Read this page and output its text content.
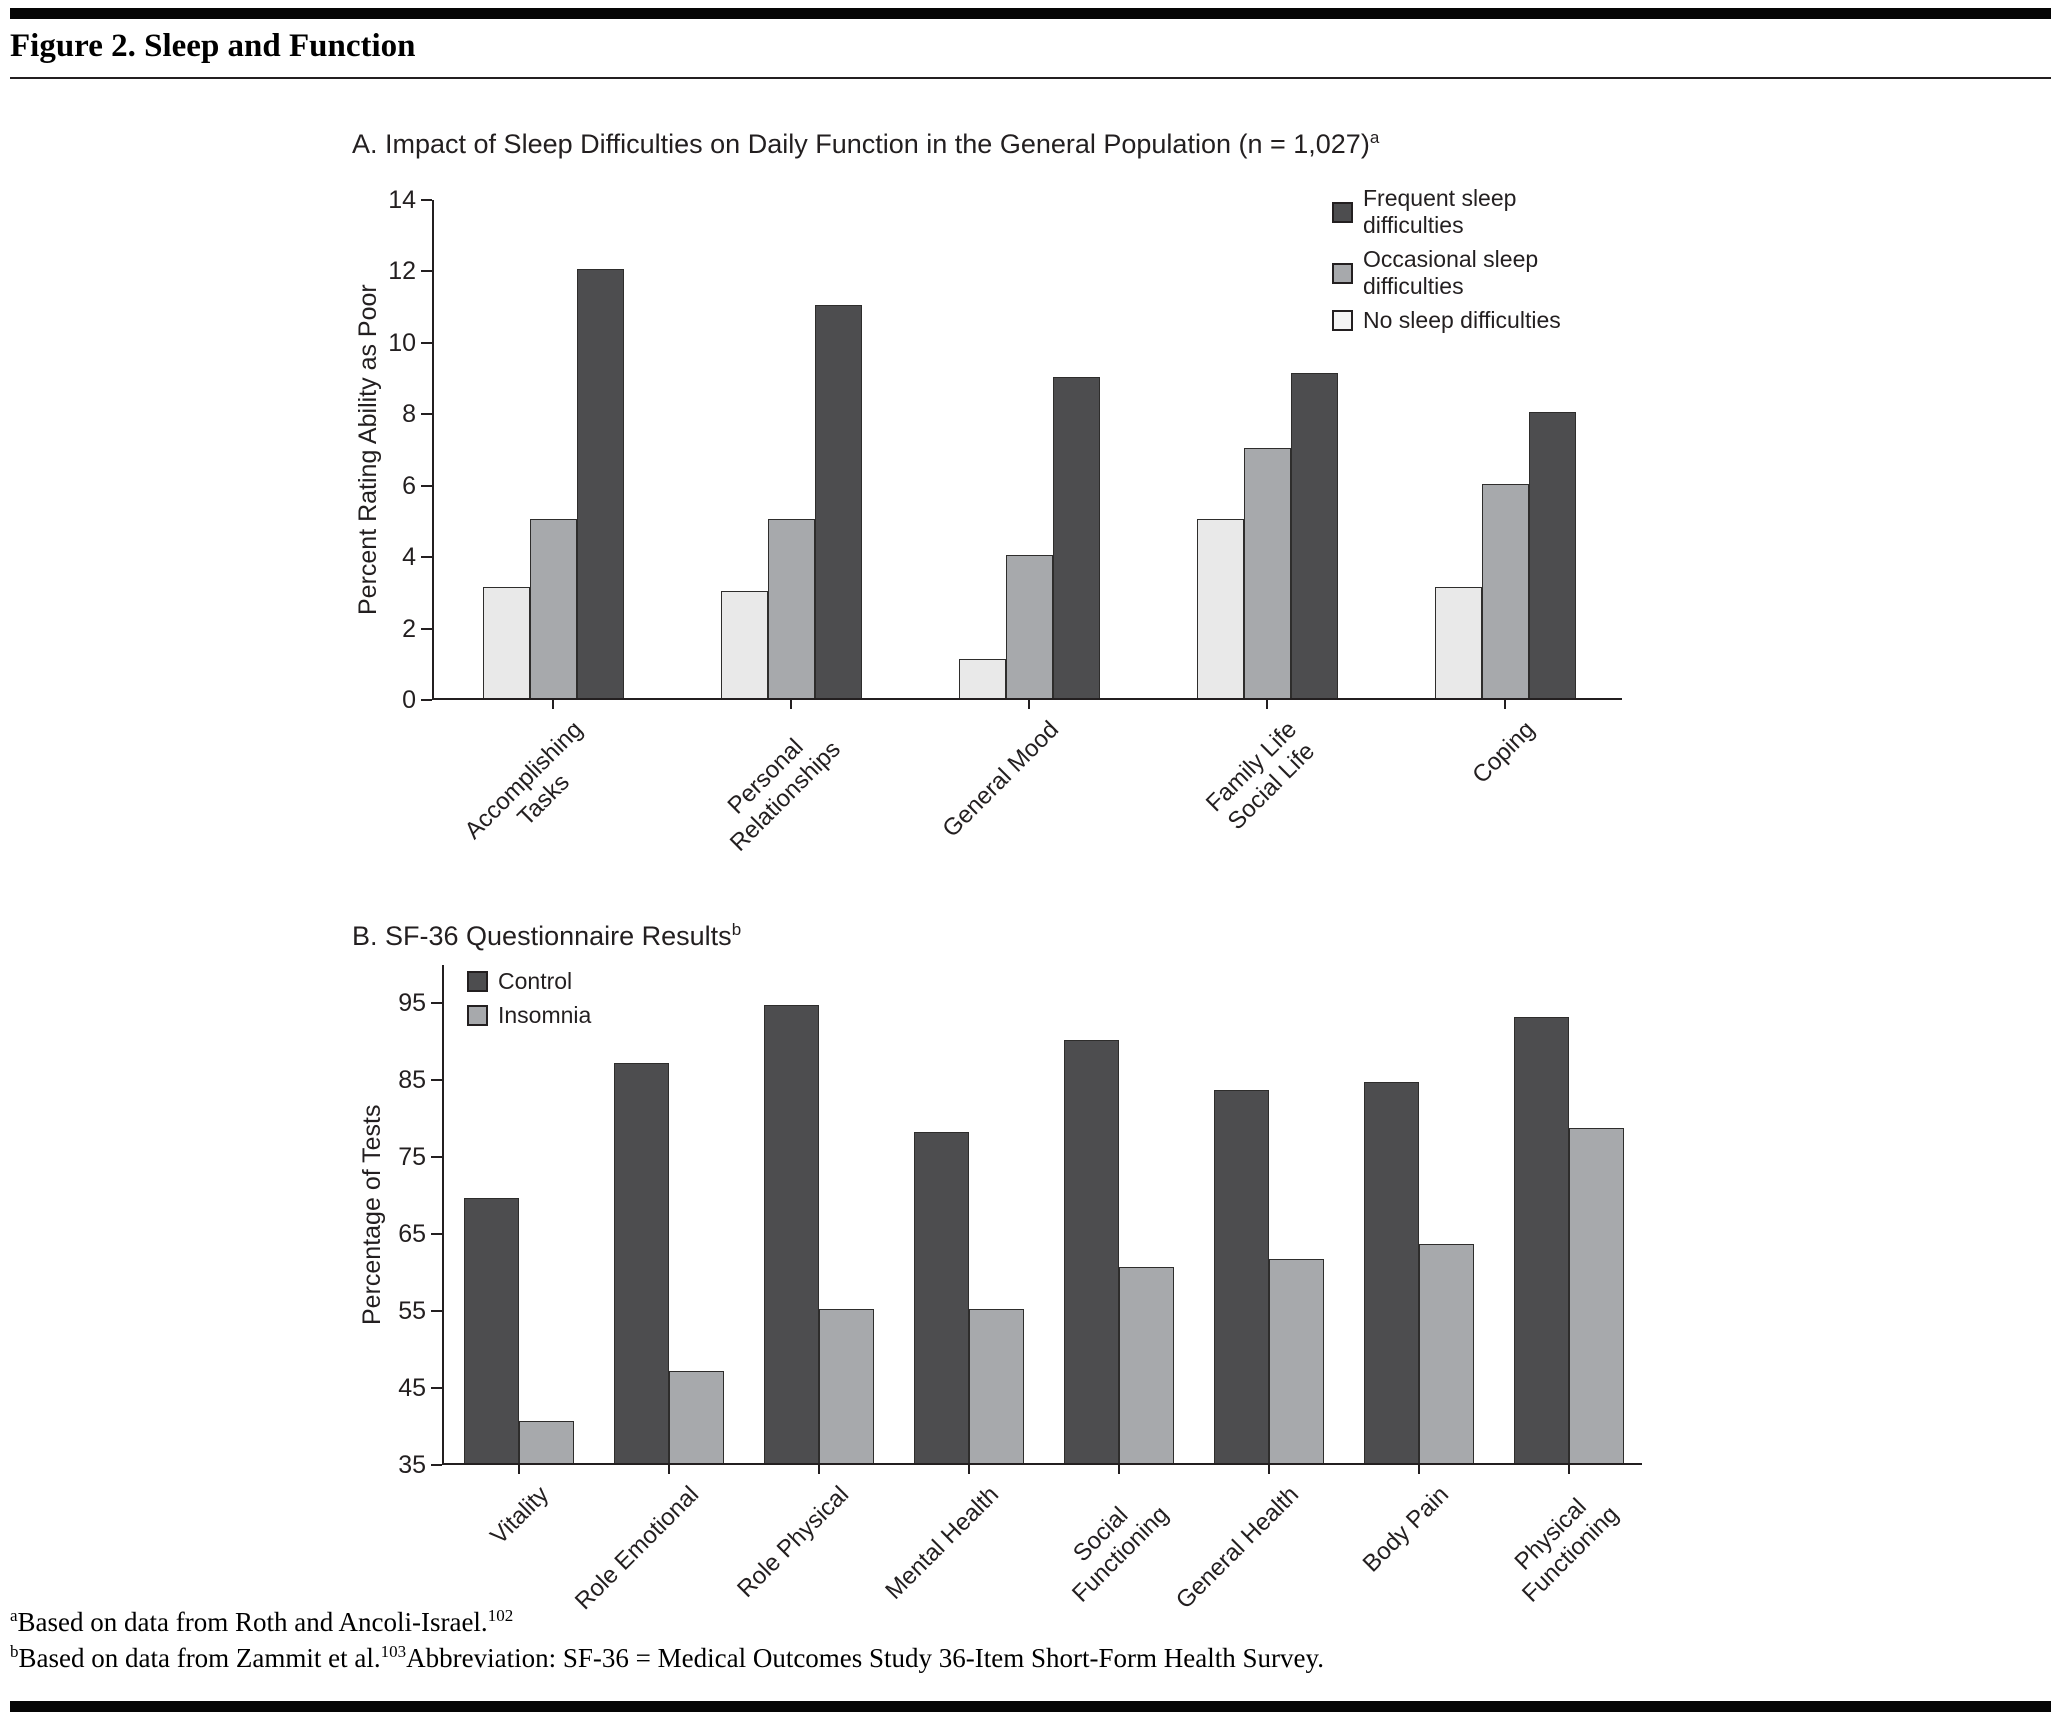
Figure 2. Sleep and Function
A. Impact of Sleep Difficulties on Daily Function in the General Population (n = 1,027)$^a$
Percent Rating Ability as Poor
0
2
4
6
8
10
12
14
Accomplishing
Tasks	Personal
Relationships	General Mood	Family Life
Social Life	Coping
Frequent sleep difficulties
Occasional sleep difficulties
No sleep difficulties
B. SF-36 Questionnaire Results$^b$
Percentage of Tests
35
45
55
65
75
85
95
Vitality Role Emotional Role Physical Mental Health	Social
Functioning
General Health Body Pain	Physical
Functioning
Control
Insomnia
$^a$Based on data from Roth and Ancoli-Israel.$^{102}$
$^b$Based on data from Zammit et al.$^{103}$Abbreviation: SF-36 = Medical Outcomes Study 36-Item Short-Form Health Survey.
